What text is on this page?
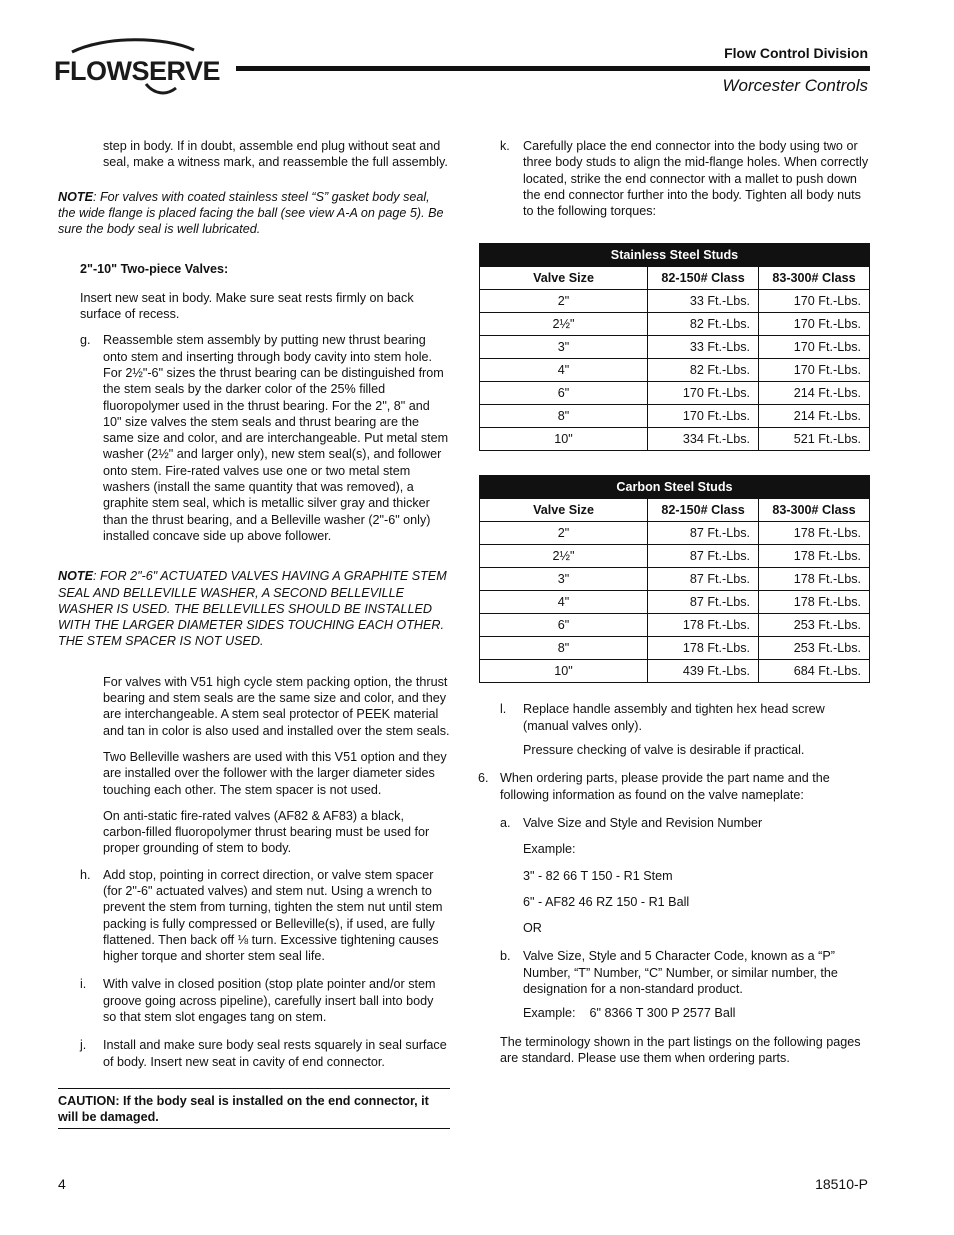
FLOWSERVE
Flow Control Division
Worcester Controls

step in body. If in doubt, assemble end plug without seat and seal, make a witness mark, and reassemble the full assembly.

NOTE: For valves with coated stainless steel “S” gasket body seal, the wide flange is placed facing the ball (see view A-A on page 5). Be sure the body seal is well lubricated.

2"-10" Two-piece Valves:

Insert new seat in body. Make sure seat rests firmly on back surface of recess.

g. Reassemble stem assembly by putting new thrust bearing onto stem and inserting through body cavity into stem hole. For 2½"-6" sizes the thrust bearing can be distinguished from the stem seals by the darker color of the 25% filled fluoropolymer used in the thrust bearing. For the 2", 8" and 10" size valves the stem seals and thrust bearing are the same size and color, and are interchangeable. Put metal stem washer (2½" and larger only), new stem seal(s), and follower onto stem. Fire-rated valves use one or two metal stem washers (install the same quantity that was removed), a graphite stem seal, which is metallic silver gray and thicker than the thrust bearing, and a Belleville washer (2"-6" only) installed concave side up above follower.

NOTE: FOR 2"-6" ACTUATED VALVES HAVING A GRAPHITE STEM SEAL AND BELLEVILLE WASHER, A SECOND BELLEVILLE WASHER IS USED. THE BELLEVILLES SHOULD BE INSTALLED WITH THE LARGER DIAMETER SIDES TOUCHING EACH OTHER. THE STEM SPACER IS NOT USED.

For valves with V51 high cycle stem packing option, the thrust bearing and stem seals are the same size and color, and they are interchangeable. A stem seal protector of PEEK material and tan in color is also used and installed over the stem seals.

Two Belleville washers are used with this V51 option and they are installed over the follower with the larger diameter sides touching each other. The stem spacer is not used.

On anti-static fire-rated valves (AF82 & AF83) a black, carbon-filled fluoropolymer thrust bearing must be used for proper grounding of stem to body.

h. Add stop, pointing in correct direction, or valve stem spacer (for 2"-6" actuated valves) and stem nut. Using a wrench to prevent the stem from turning, tighten the stem nut until stem packing is fully compressed or Belleville(s), if used, are fully flattened. Then back off ⅛ turn. Excessive tightening causes higher torque and shorter stem seal life.
i.	With valve in closed position (stop plate pointer and/or stem groove going across pipeline), carefully insert ball into body so that stem slot engages tang on stem.
j.	Install and make sure body seal rests squarely in seal surface of body. Insert new seat in cavity of end connector.

CAUTION: If the body seal is installed on the end connector, it will be damaged.

k.	Carefully place the end connector into the body using two or three body studs to align the mid-flange holes. When correctly located, strike the end connector with a mallet to push down the end connector further into the body. Tighten all body nuts to the following torques:
Stainless Steel Studs		
Valve Size	82-150# Class	83-300# Class
2"	33 Ft.-Lbs.	170 Ft.-Lbs.
2½"	82 Ft.-Lbs.	170 Ft.-Lbs.
3"	33 Ft.-Lbs.	170 Ft.-Lbs.
4"	82 Ft.-Lbs.	170 Ft.-Lbs.
6"	170 Ft.-Lbs.	214 Ft.-Lbs.
8"	170 Ft.-Lbs.	214 Ft.-Lbs.
10"	334 Ft.-Lbs.	521 Ft.-Lbs.
Carbon Steel Studs		
Valve Size	82-150# Class	83-300# Class
2"	87 Ft.-Lbs.	178 Ft.-Lbs.
2½"	87 Ft.-Lbs.	178 Ft.-Lbs.
3"	87 Ft.-Lbs.	178 Ft.-Lbs.
4"	87 Ft.-Lbs.	178 Ft.-Lbs.
6"	178 Ft.-Lbs.	253 Ft.-Lbs.
8"	178 Ft.-Lbs.	253 Ft.-Lbs.
10"	439 Ft.-Lbs.	684 Ft.-Lbs.
l.	Replace handle assembly and tighten hex head screw (manual valves only).

Pressure checking of valve is desirable if practical.

6. When ordering parts, please provide the part name and the following information as found on the valve nameplate:
a. Valve Size and Style and Revision Number

Example:

3" - 82 66 T 150 - R1 Stem

6" - AF82 46 RZ 150 - R1 Ball

OR

b. Valve Size, Style and 5 Character Code, known as a “P” Number, “T” Number, “C” Number, or similar number, the designation for a non-standard product.

Example: 6" 8366 T 300 P 2577 Ball

The terminology shown in the part listings on the following pages are standard. Please use them when ordering parts.

4	18510-P
